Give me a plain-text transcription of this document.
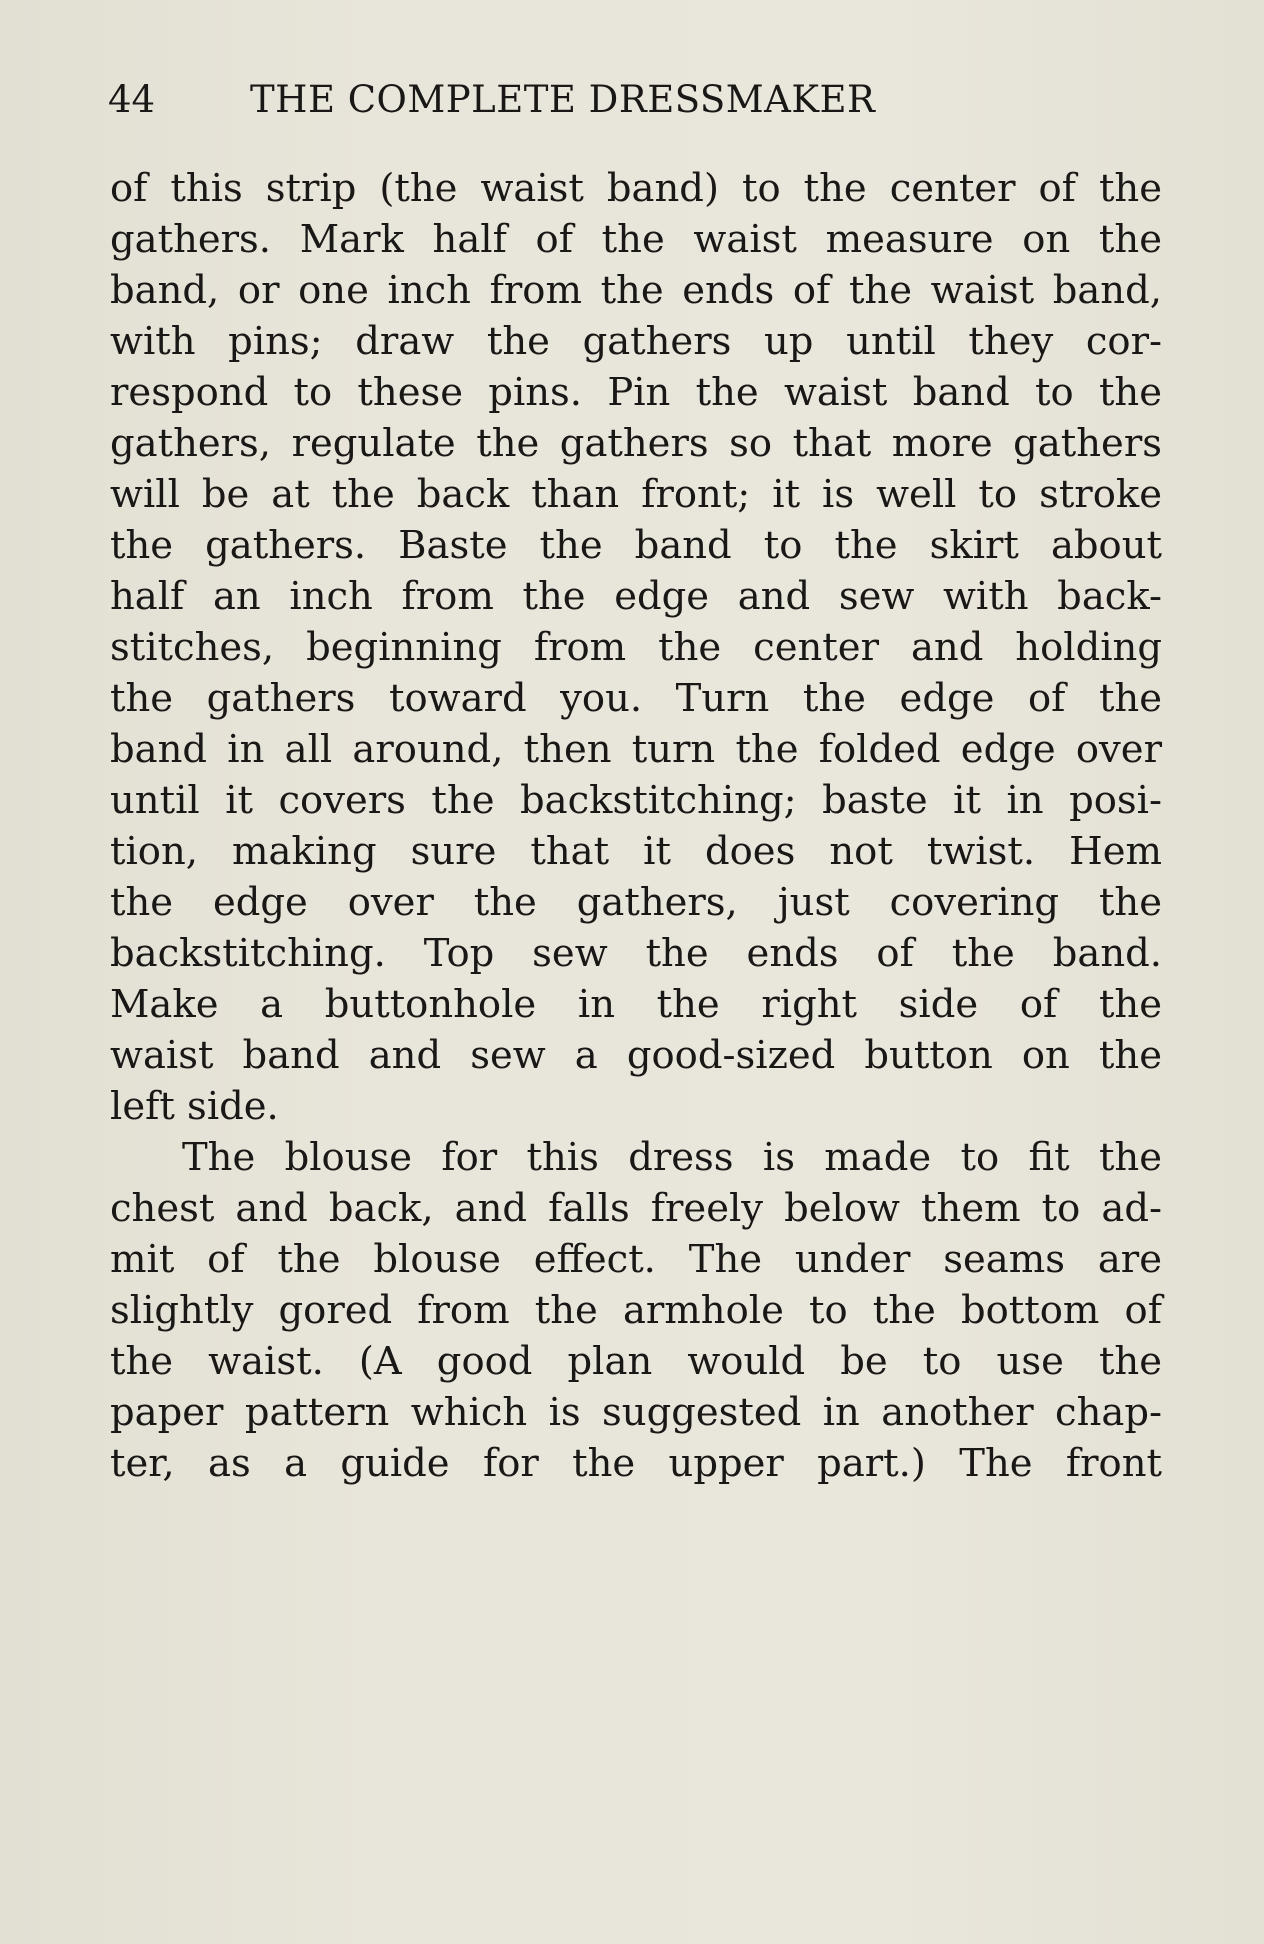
44	THE COMPLETE DRESSMAKER
of this strip (the waist band) to the center of the
gathers. Mark half of the waist measure on the
band, or one inch from the ends of the waist band,
with pins; draw the gathers up until they cor-
respond to these pins. Pin the waist band to the
gathers, regulate the gathers so that more gathers
will be at the back than front; it is well to stroke
the gathers. Baste the band to the skirt about
half an inch from the edge and sew with back-
stitches, beginning from the center and holding
the gathers toward you. Turn the edge of the
band in all around, then turn the folded edge over
until it covers the backstitching; baste it in posi-
tion, making sure that it does not twist. Hem
the edge over the gathers, just covering the
backstitching. Top sew the ends of the band.
Make a buttonhole in the right side of the
waist band and sew a good-sized button on the
left side.
The blouse for this dress is made to fit the
chest and back, and falls freely below them to ad-
mit of the blouse effect. The under seams are
slightly gored from the armhole to the bottom of
the waist. (A good plan would be to use the
paper pattern which is suggested in another chap-
ter, as a guide for the upper part.) The front
